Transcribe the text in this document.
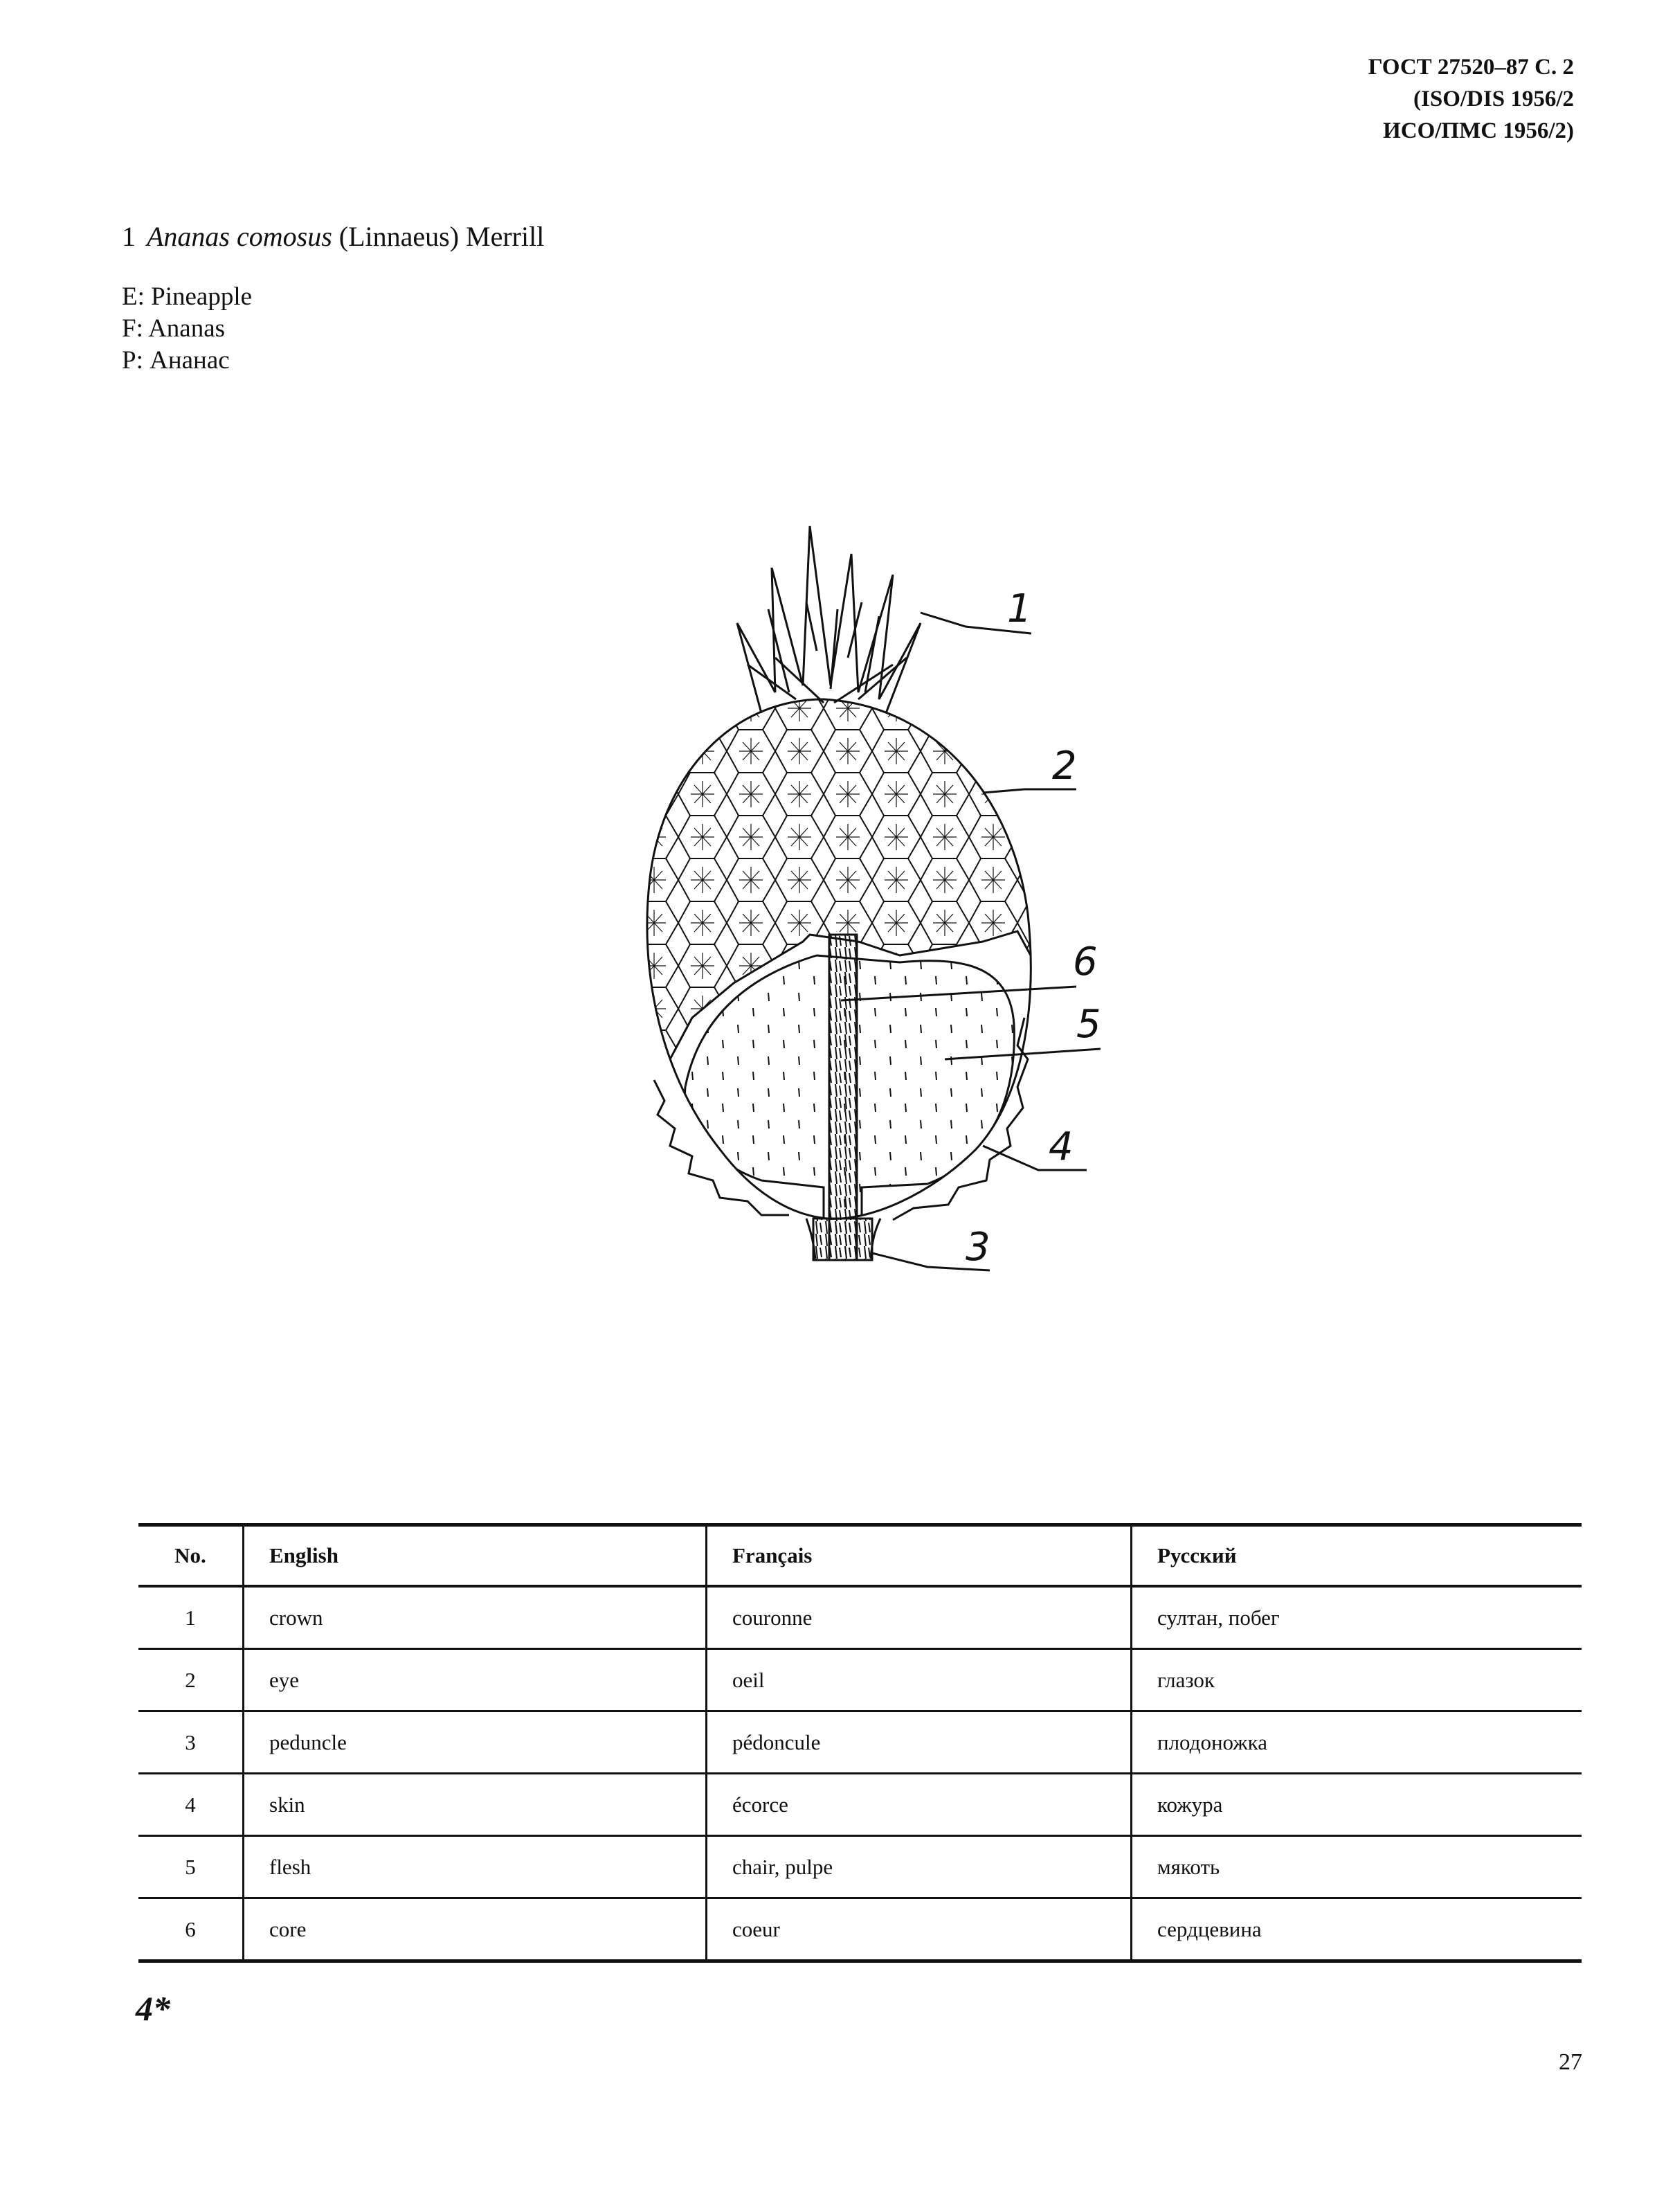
ГОСТ 27520–87 С. 2
(ISO/DIS 1956/2
ИСО/ПМС 1956/2)
1 Ananas comosus (Linnaeus) Merrill
E: Pineapple
F: Ananas
P: Ананас
1
2
6
5
4
3
No.	English	Français	Русский
1	crown	couronne	султан, побег
2	eye	oeil	глазок
3	peduncle	pédoncule	плодоножка
4	skin	écorce	кожура
5	flesh	chair, pulpe	мякоть
6	core	coeur	сердцевина
4*
27
